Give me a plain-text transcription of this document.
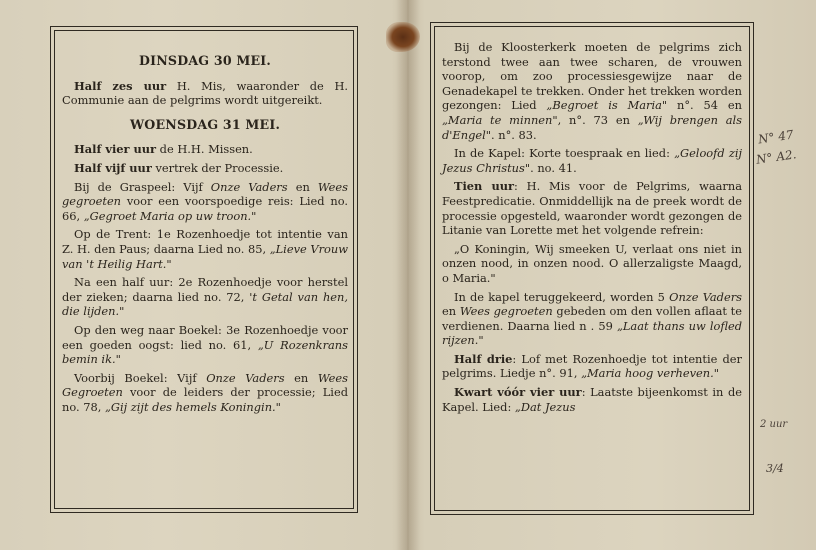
DINSDAG 30 MEI.

Half zes uur H. Mis, waaronder de H. Communie aan de pelgrims wordt uitgereikt.

WOENSDAG 31 MEI.

Half vier uur de H.H. Missen.

Half vijf uur vertrek der Processie.

Bij de Graspeel: Vijf Onze Vaders en Wees gegroeten voor een voorspoedige reis: Lied no. 66, „Gegroet Maria op uw troon."

Op de Trent: 1e Rozenhoedje tot intentie van Z. H. den Paus; daarna Lied no. 85, „Lieve Vrouw van 't Heilig Hart."

Na een half uur: 2e Rozenhoedje voor herstel der zieken; daarna lied no. 72, 't Getal van hen, die lijden."

Op den weg naar Boekel: 3e Rozenhoedje voor een goeden oogst: lied no. 61, „U Rozenkrans bemin ik."

Voorbij Boekel: Vijf Onze Vaders en Wees Gegroeten voor de leiders der processie; Lied no. 78, „Gij zijt des hemels Koningin."

Bij de Kloosterkerk moeten de pelgrims zich terstond twee aan twee scharen, de vrouwen voorop, om zoo processiesgewijze naar de Genadekapel te trekken. Onder het trekken worden gezongen: Lied „Begroet is Maria" n°. 54 en „Maria te minnen", n°. 73 en „Wij brengen als d'Engel". n°. 83.

In de Kapel: Korte toespraak en lied: „Geloofd zij Jezus Christus". no. 41.

Tien uur: H. Mis voor de Pelgrims, waarna Feestpredicatie. Onmiddellijk na de preek wordt de processie opgesteld, waaronder wordt gezongen de Litanie van Lorette met het volgende refrein:

„O Koningin, Wij smeeken U, verlaat ons niet in onzen nood, in onzen nood. O allerzaligste Maagd, o Maria."

In de kapel teruggekeerd, worden 5 Onze Vaders en Wees gegroeten gebeden om den vollen aflaat te verdienen. Daarna lied n . 59 „Laat thans uw lofled rijzen."

Half drie: Lof met Rozenhoedje tot intentie der pelgrims. Liedje n°. 91, „Maria hoog verheven."

Kwart vóór vier uur: Laatste bijeenkomst in de Kapel. Lied: „Dat Jezus

N° 47
N° A2.
2 uur
3/4
